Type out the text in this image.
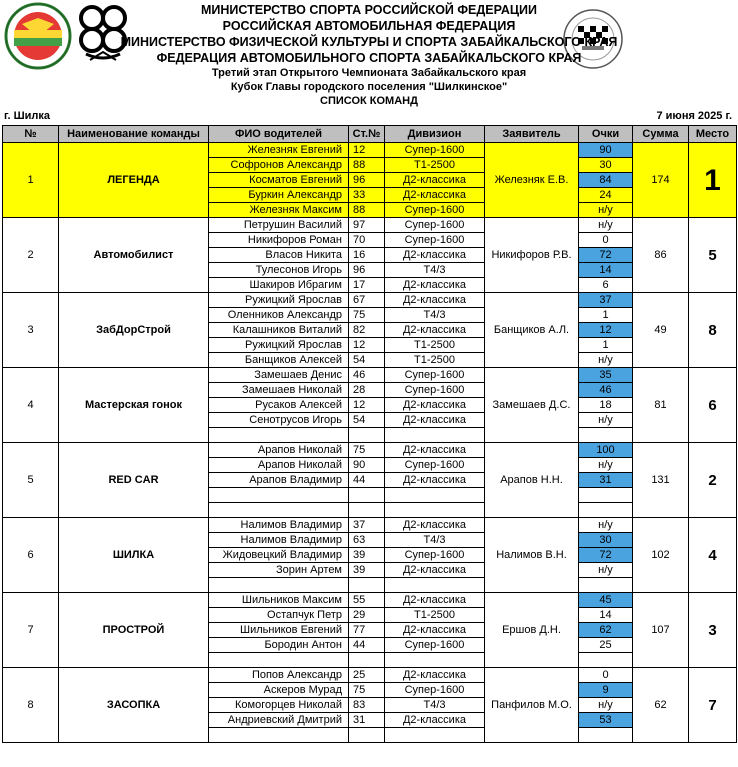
МИНИСТЕРСТВО СПОРТА РОССИЙСКОЙ ФЕДЕРАЦИИ
РОССИЙСКАЯ АВТОМОБИЛЬНАЯ ФЕДЕРАЦИЯ
МИНИСТЕРСТВО ФИЗИЧЕСКОЙ КУЛЬТУРЫ И СПОРТА ЗАБАЙКАЛЬСКОГО КРАЯ
ФЕДЕРАЦИЯ АВТОМОБИЛЬНОГО СПОРТА ЗАБАЙКАЛЬСКОГО КРАЯ
Третий этап Открытого Чемпионата Забайкальского края
Кубок Главы городского поселения "Шилкинское"
СПИСОК КОМАНД
г. Шилка	7 июня 2025 г.
№	Наименование команды	ФИО водителей	Ст.№	Дивизион	Заявитель	Очки	Сумма	Место
1	ЛЕГЕНДА	Железняк Евгений	12	Супер-1600	Железняк Е.В.	90	174	1
		Софронов Александр	88	Т1-2500		30		
		Косматов Евгений	96	Д2-классика		84		
		Буркин Александр	33	Д2-классика		24		
		Железняк Максим	88	Супер-1600		н/у		
2	Автомобилист	Петрушин Василий	97	Супер-1600	Никифоров Р.В.	н/у	86	5
		Никифоров Роман	70	Супер-1600		0		
		Власов Никита	16	Д2-классика		72		
		Тулесонов Игорь	96	Т4/3		14		
		Шакиров Ибрагим	17	Д2-классика		6		
3	ЗабДорСтрой	Ружицкий Ярослав	67	Д2-классика	Банщиков А.Л.	37	49	8
		Оленников Александр	75	Т4/3		1		
		Калашников Виталий	82	Д2-классика		12		
		Ружицкий Ярослав	12	Т1-2500		1		
		Банщиков Алексей	54	Т1-2500		н/у		
4	Мастерская гонок	Замешаев Денис	46	Супер-1600	Замешаев Д.С.	35	81	6
		Замешаев Николай	28	Супер-1600		46		
		Русаков Алексей	12	Д2-классика		18		
		Сенотрусов Игорь	54	Д2-классика		н/у		

5	RED CAR	Арапов Николай	75	Д2-классика	Арапов Н.Н.	100	131	2
		Арапов Николай	90	Супер-1600		н/у		
		Арапов Владимир	44	Д2-классика		31		

6	ШИЛКА	Налимов Владимир	37	Д2-классика	Налимов В.Н.	н/у	102	4
		Налимов Владимир	63	Т4/3		30		
		Жидовецкий Владимир	39	Супер-1600		72		
		Зорин Артем	39	Д2-классика		н/у		

7	ПРОСТРОЙ	Шильников Максим	55	Д2-классика	Ершов Д.Н.	45	107	3
		Остапчук Петр	29	Т1-2500		14		
		Шильников Евгений	77	Д2-классика		62		
		Бородин Антон	44	Супер-1600		25		

8	ЗАСОПКА	Попов Александр	25	Д2-классика	Панфилов М.О.	0	62	7
		Аскеров Мурад	75	Супер-1600		9		
		Комогорцев Николай	83	Т4/3		н/у		
		Андриевский Дмитрий	31	Д2-классика		53		
